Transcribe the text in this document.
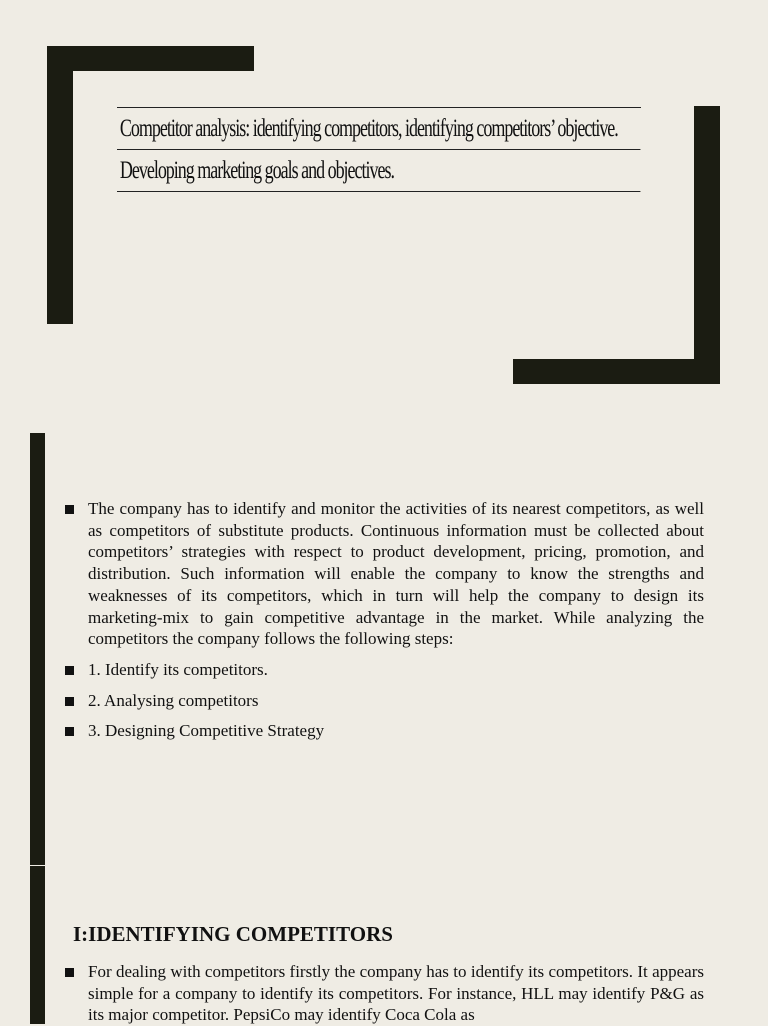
Competitor analysis: identifying competitors, identifying competitors’ objective.
Developing marketing goals and objectives.
The company has to identify and monitor the activities of its nearest competitors, as well as competitors of substitute products. Continuous information must be collected about competitors’ strategies with respect to product development, pricing, promotion, and distribution. Such information will enable the company to know the strengths and weaknesses of its competitors, which in turn will help the company to design its marketing-mix to gain competitive advantage in the market. While analyzing the competitors the company follows the following steps:
1. Identify its competitors.
2. Analysing competitors
3. Designing Competitive Strategy
I:IDENTIFYING COMPETITORS
For dealing with competitors firstly the company has to identify its competitors. It appears simple for a company to identify its competitors. For instance, HLL may identify P&G as its major competitor. PepsiCo may identify Coca Cola as
